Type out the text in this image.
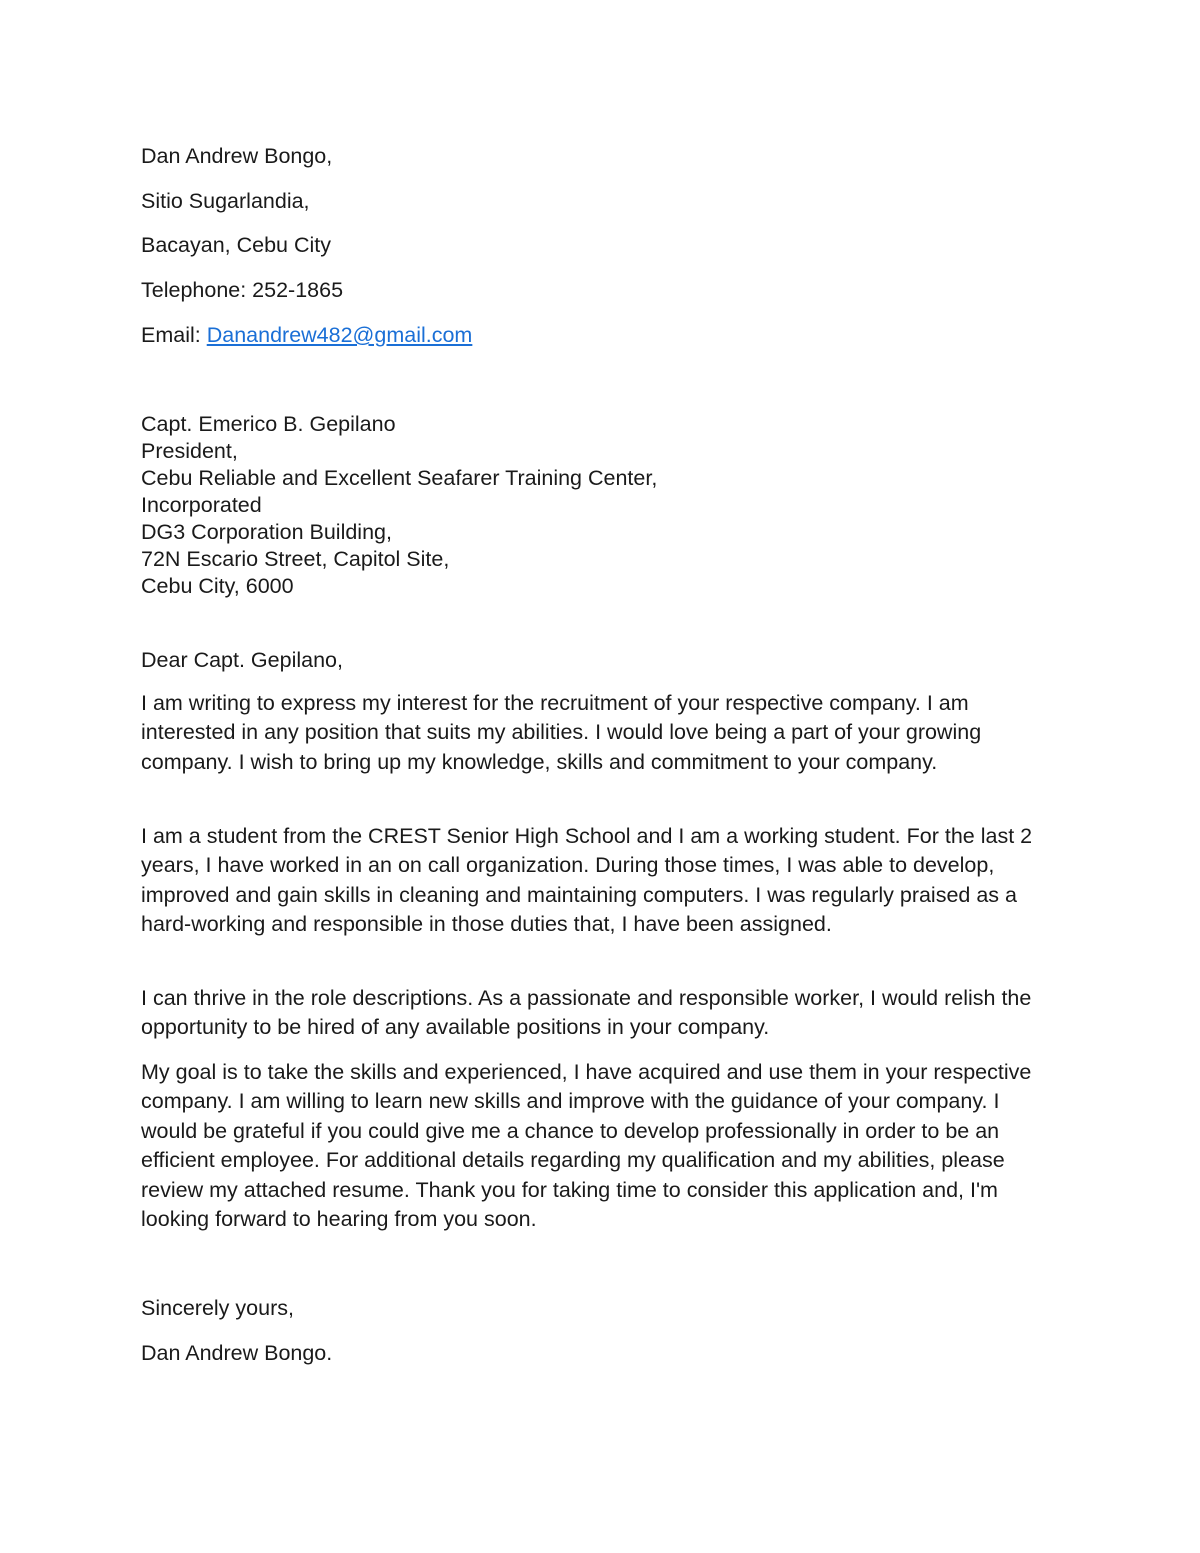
Dan Andrew Bongo,
Sitio Sugarlandia,
Bacayan, Cebu City
Telephone: 252-1865
Email: Danandrew482@gmail.com
Capt. Emerico B. Gepilano
President,
Cebu Reliable and Excellent Seafarer Training Center,
Incorporated
DG3 Corporation Building,
72N Escario Street, Capitol Site,
Cebu City, 6000
Dear Capt. Gepilano,

I am writing to express my interest for the recruitment of your respective company. I am interested in any position that suits my abilities. I would love being a part of your growing company. I wish to bring up my knowledge, skills and commitment to your company.

I am a student from the CREST Senior High School and I am a working student. For the last 2 years, I have worked in an on call organization. During those times, I was able to develop, improved and gain skills in cleaning and maintaining computers. I was regularly praised as a hard-working and responsible in those duties that, I have been assigned.

I can thrive in the role descriptions. As a passionate and responsible worker, I would relish the opportunity to be hired of any available positions in your company.

My goal is to take the skills and experienced, I have acquired and use them in your respective company. I am willing to learn new skills and improve with the guidance of your company. I would be grateful if you could give me a chance to develop professionally in order to be an efficient employee. For additional details regarding my qualification and my abilities, please review my attached resume. Thank you for taking time to consider this application and, I'm looking forward to hearing from you soon.

Sincerely yours,
Dan Andrew Bongo.
